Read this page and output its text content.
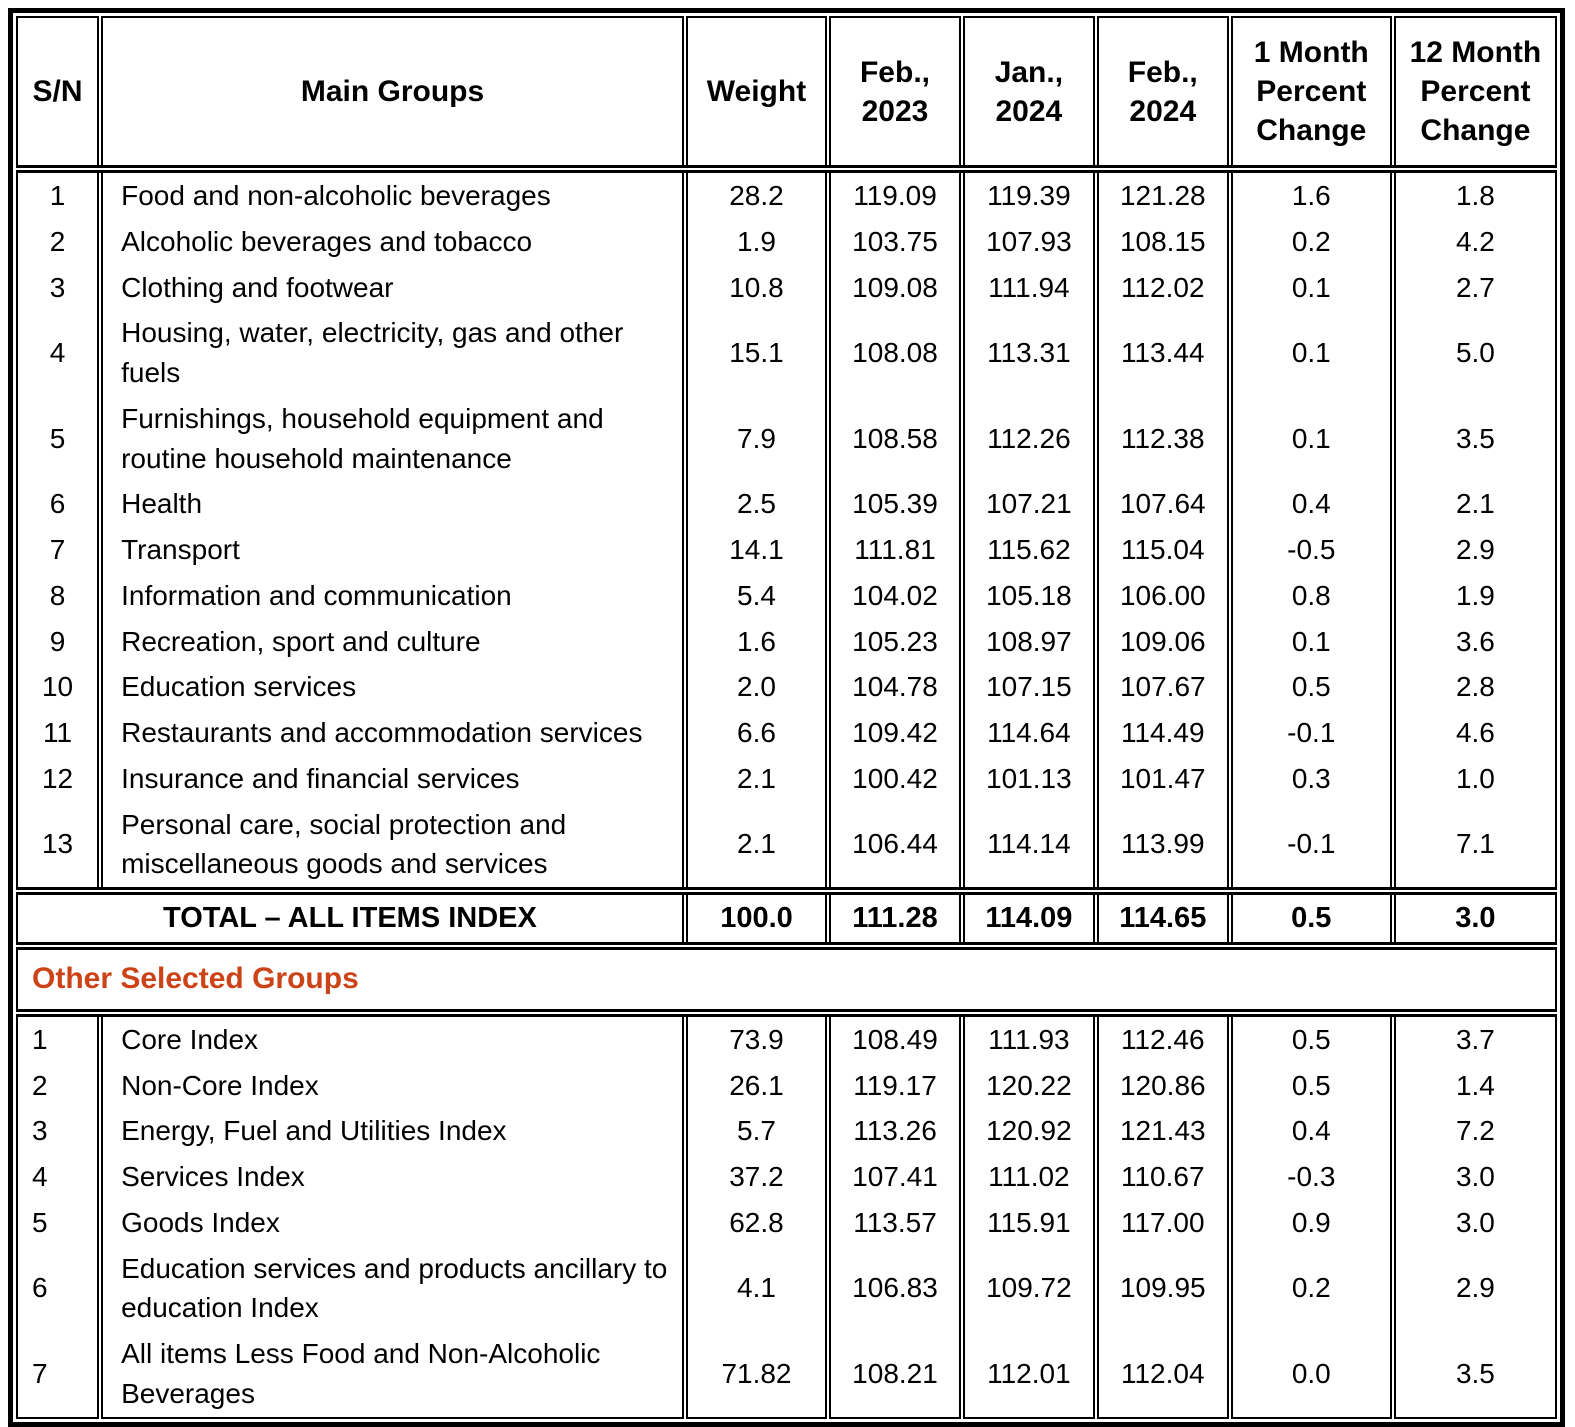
S/N	Main Groups	Weight	Feb., 2023	Jan., 2024	Feb., 2024	1 Month Percent Change	12 Month Percent Change
1	Food and non-alcoholic beverages	28.2	119.09	119.39	121.28	1.6	1.8
2	Alcoholic beverages and tobacco	1.9	103.75	107.93	108.15	0.2	4.2
3	Clothing and footwear	10.8	109.08	111.94	112.02	0.1	2.7
4	Housing, water, electricity, gas and other fuels	15.1	108.08	113.31	113.44	0.1	5.0
5	Furnishings, household equipment and routine household maintenance	7.9	108.58	112.26	112.38	0.1	3.5
6	Health	2.5	105.39	107.21	107.64	0.4	2.1
7	Transport	14.1	111.81	115.62	115.04	-0.5	2.9
8	Information and communication	5.4	104.02	105.18	106.00	0.8	1.9
9	Recreation, sport and culture	1.6	105.23	108.97	109.06	0.1	3.6
10	Education services	2.0	104.78	107.15	107.67	0.5	2.8
11	Restaurants and accommodation services	6.6	109.42	114.64	114.49	-0.1	4.6
12	Insurance and financial services	2.1	100.42	101.13	101.47	0.3	1.0
13	Personal care, social protection and miscellaneous goods and services	2.1	106.44	114.14	113.99	-0.1	7.1
TOTAL – ALL ITEMS INDEX		100.0	111.28	114.09	114.65	0.5	3.0
Other Selected Groups							
1	Core Index	73.9	108.49	111.93	112.46	0.5	3.7
2	Non-Core Index	26.1	119.17	120.22	120.86	0.5	1.4
3	Energy, Fuel and Utilities Index	5.7	113.26	120.92	121.43	0.4	7.2
4	Services Index	37.2	107.41	111.02	110.67	-0.3	3.0
5	Goods Index	62.8	113.57	115.91	117.00	0.9	3.0
6	Education services and products ancillary to education Index	4.1	106.83	109.72	109.95	0.2	2.9
7	All items Less Food and Non-Alcoholic Beverages	71.82	108.21	112.01	112.04	0.0	3.5
